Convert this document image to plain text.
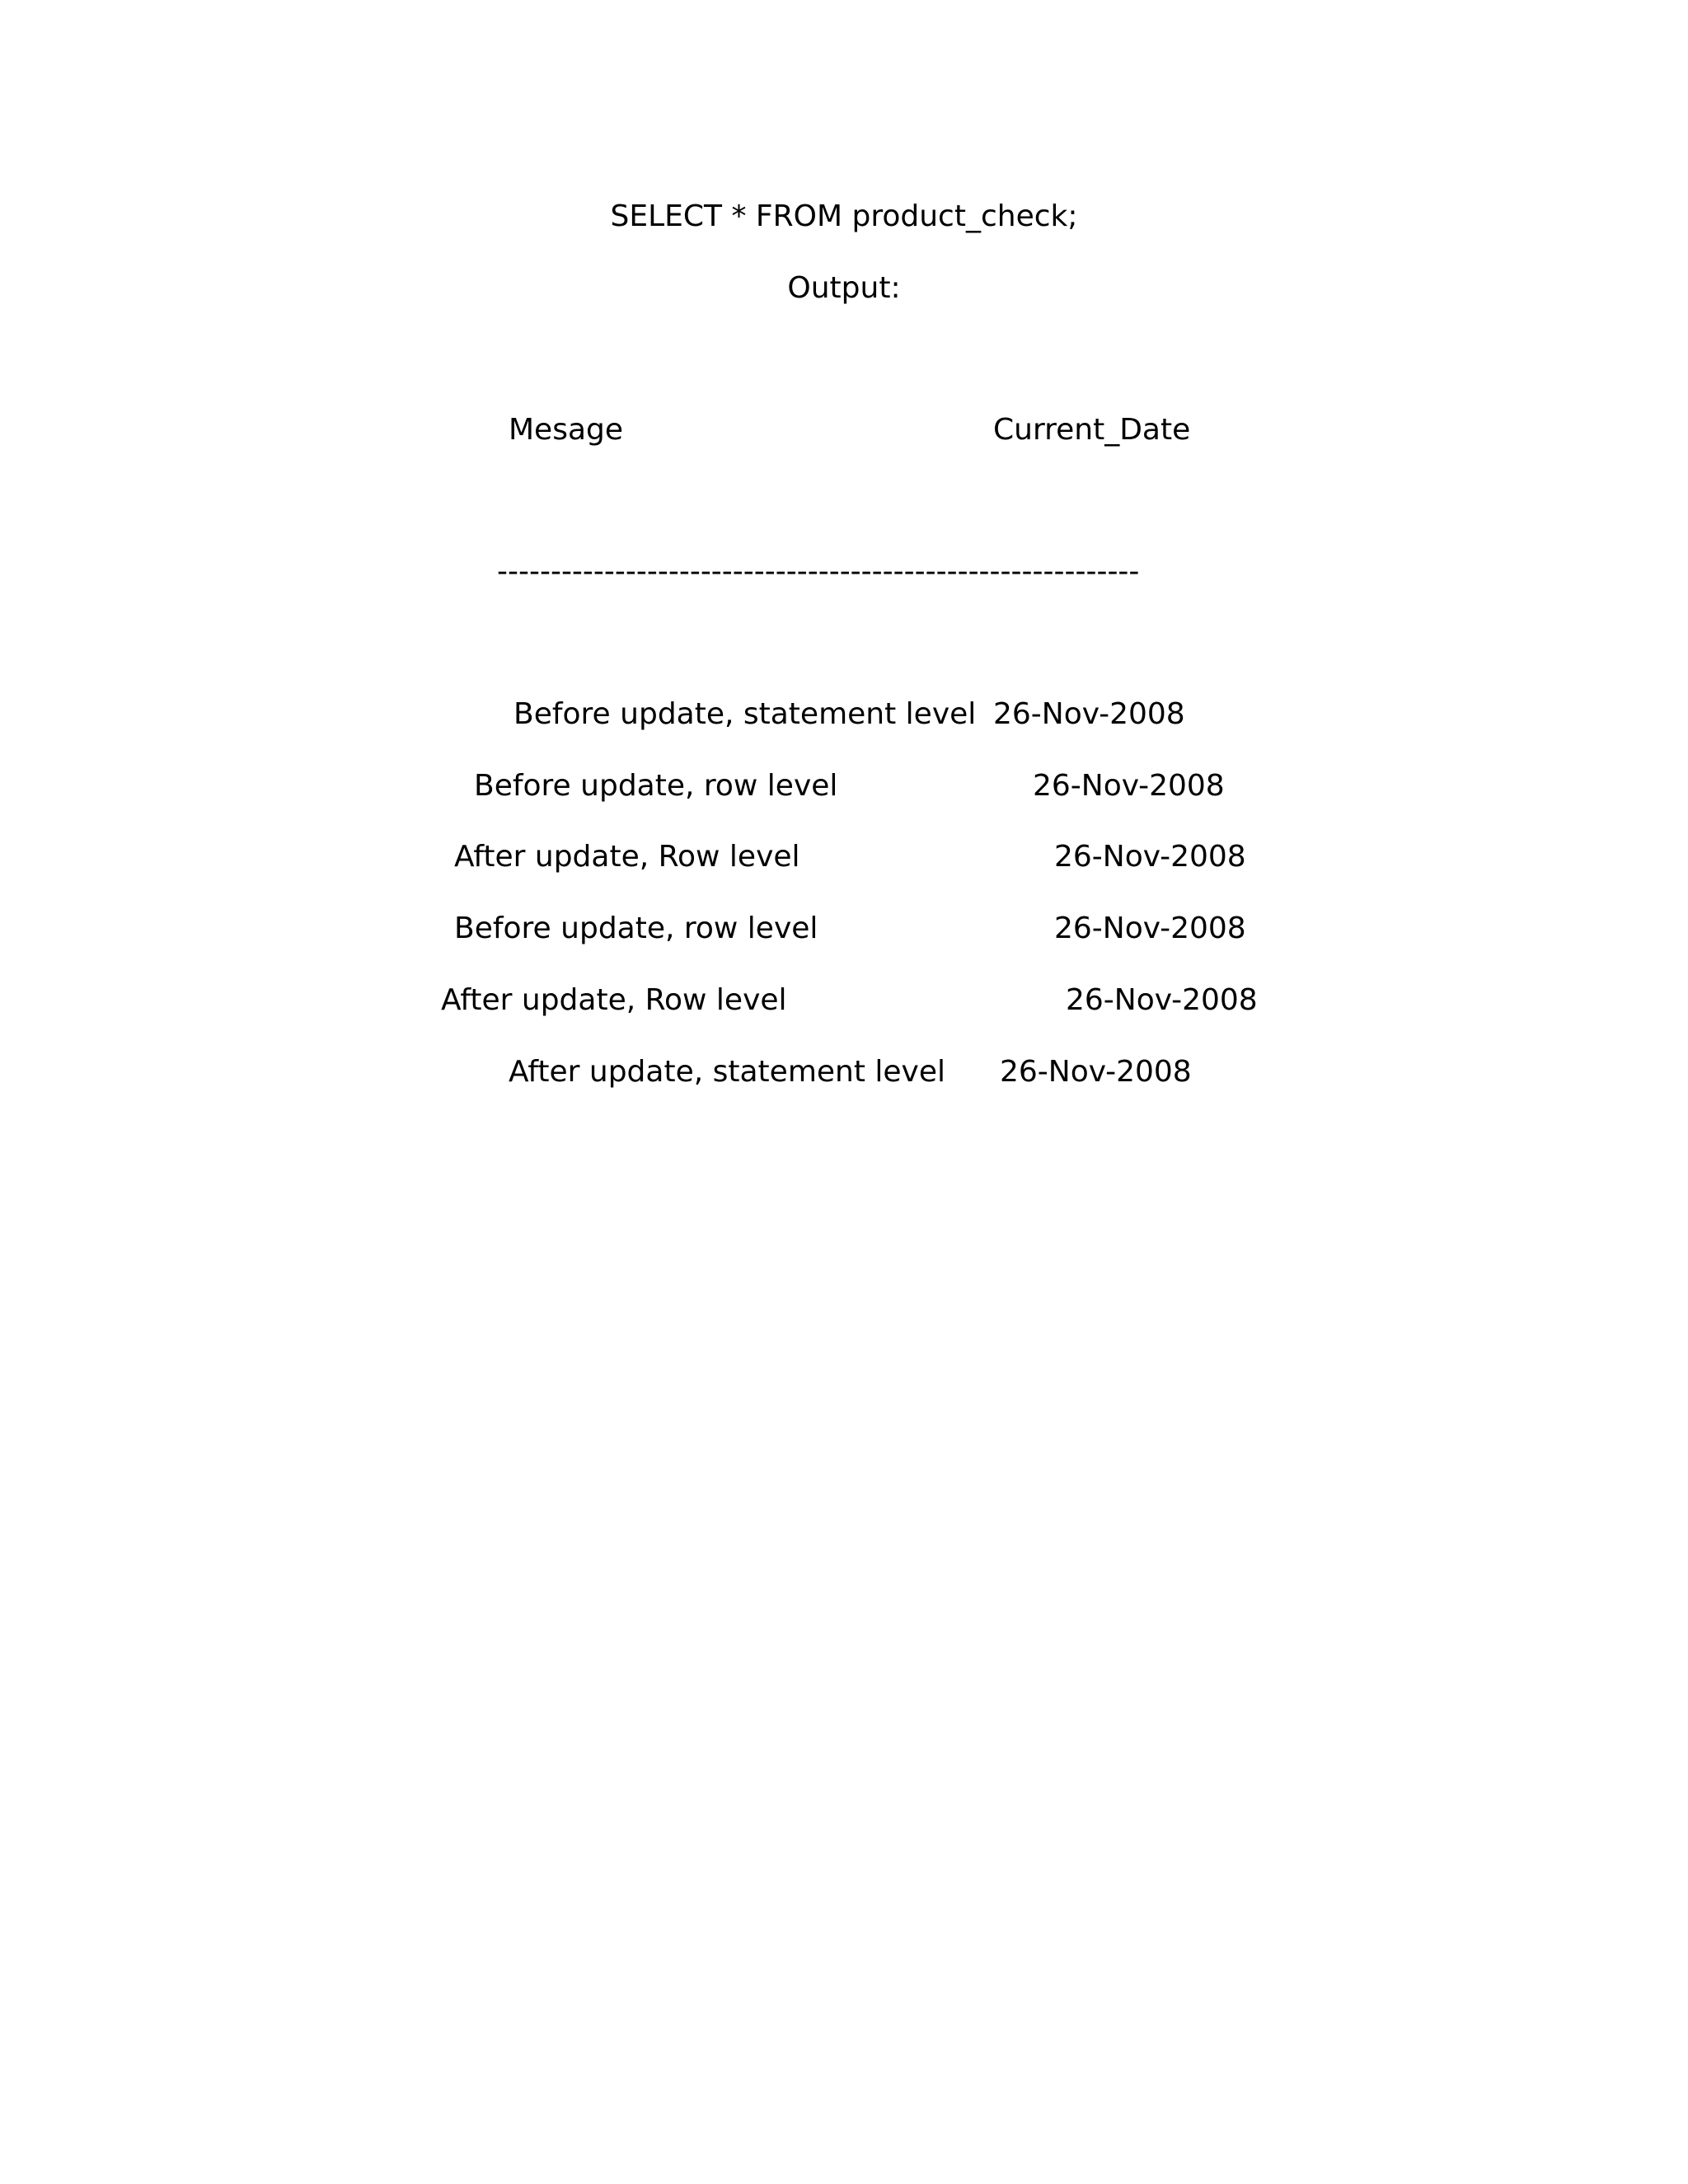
SELECT * FROM product_check;
Output:
Mesage	Current_Date
------------------------------------------------------------
Before update, statement level 26-Nov-2008
Before update, row level	26-Nov-2008
After update, Row level	26-Nov-2008
Before update, row level	26-Nov-2008
After update, Row level	26-Nov-2008
After update, statement level 26-Nov-2008
